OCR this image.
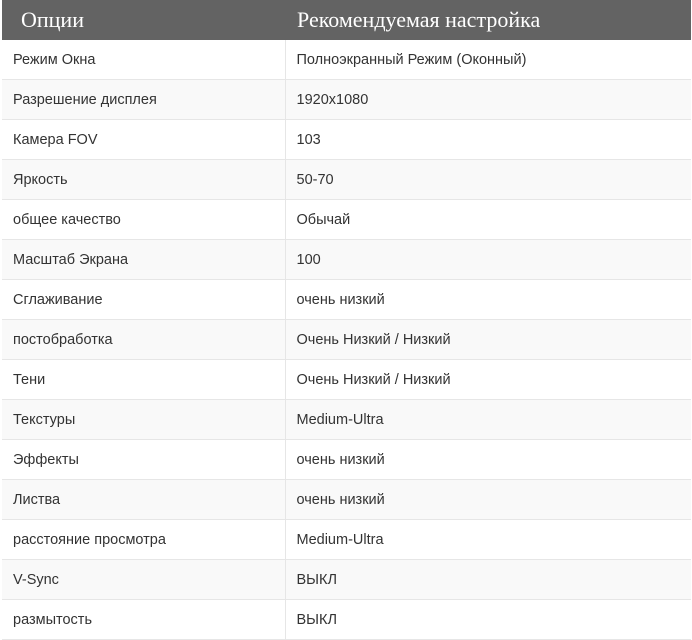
Опции	Рекомендуемая настройка
Режим Окна	Полноэкранный Режим (Оконный)
Разрешение дисплея	1920x1080
Камера FOV	103
Яркость	50-70
общее качество	Обычай
Масштаб Экрана	100
Сглаживание	очень низкий
постобработка	Очень Низкий / Низкий
Тени	Очень Низкий / Низкий
Текстуры	Medium-Ultra
Эффекты	очень низкий
Листва	очень низкий
расстояние просмотра	Medium-Ultra
V-Sync	ВЫКЛ
размытость	ВЫКЛ
